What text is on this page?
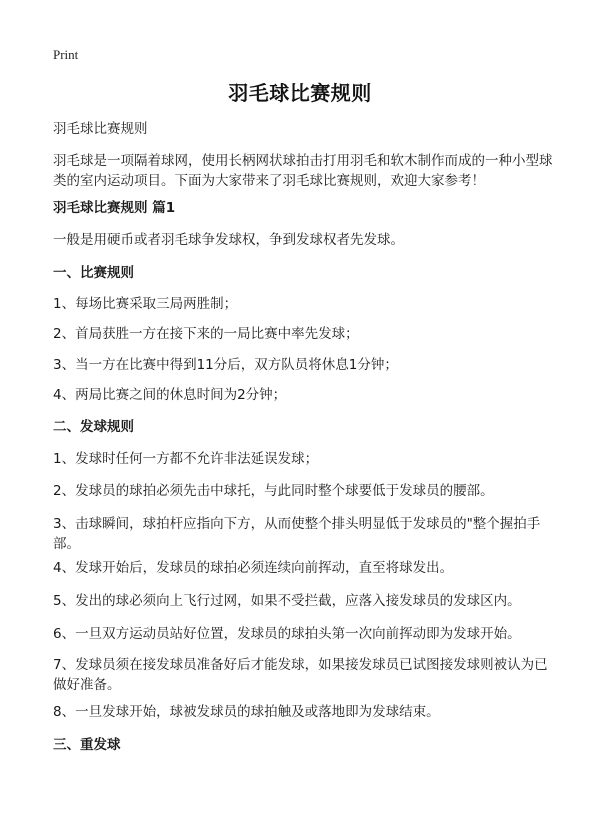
Print
羽毛球比赛规则
羽毛球比赛规则
羽毛球是一项隔着球网，使用长柄网状球拍击打用羽毛和软木制作而成的一种小型球类的室内运动项目。下面为大家带来了羽毛球比赛规则，欢迎大家参考！
羽毛球比赛规则 篇1
一般是用硬币或者羽毛球争发球权，争到发球权者先发球。
一、比赛规则
1、每场比赛采取三局两胜制；
2、首局获胜一方在接下来的一局比赛中率先发球；
3、当一方在比赛中得到11分后，双方队员将休息1分钟；
4、两局比赛之间的休息时间为2分钟；
二、发球规则
1、发球时任何一方都不允许非法延误发球；
2、发球员的球拍必须先击中球托，与此同时整个球要低于发球员的腰部。
3、击球瞬间，球拍杆应指向下方，从而使整个排头明显低于发球员的"整个握拍手部。
4、发球开始后，发球员的球拍必须连续向前挥动，直至将球发出。
5、发出的球必须向上飞行过网，如果不受拦截，应落入接发球员的发球区内。
6、一旦双方运动员站好位置，发球员的球拍头第一次向前挥动即为发球开始。
7、发球员须在接发球员准备好后才能发球，如果接发球员已试图接发球则被认为已做好准备。
8、一旦发球开始，球被发球员的球拍触及或落地即为发球结束。
三、重发球
